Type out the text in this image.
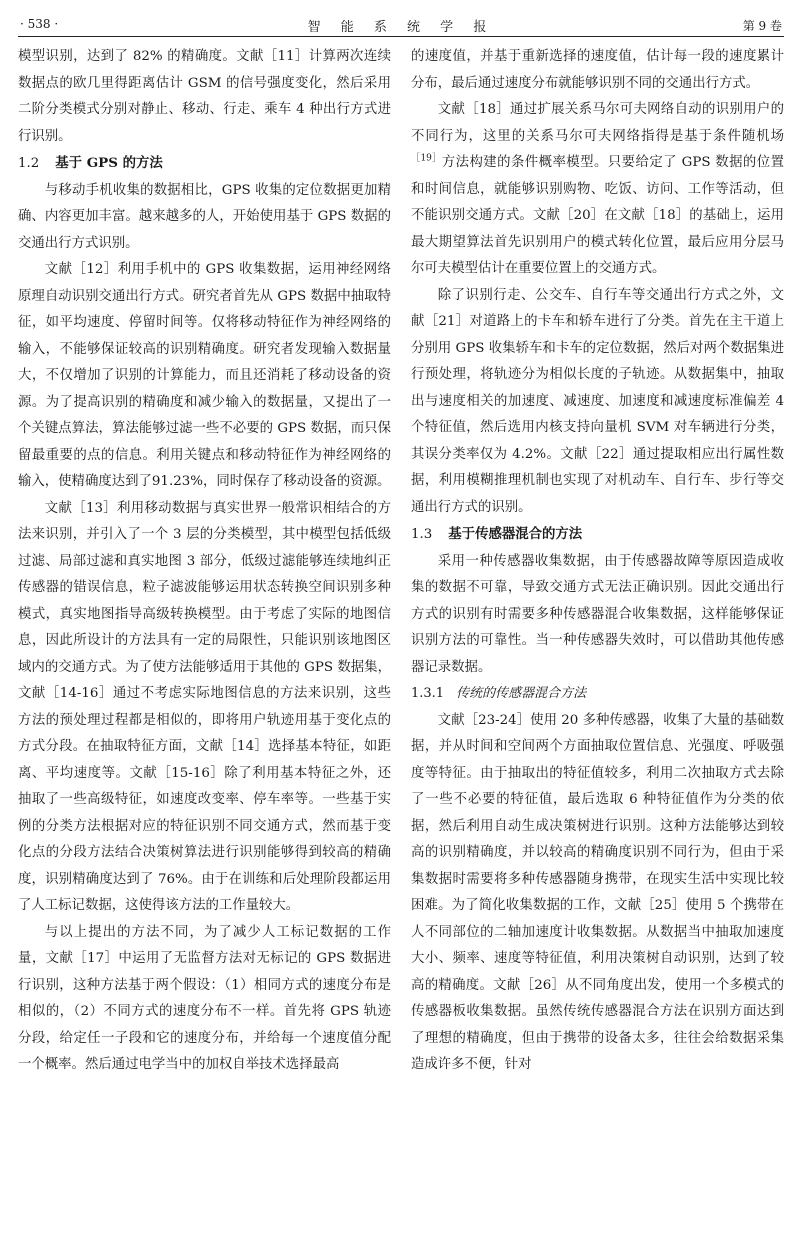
· 538 ·	智 能 系 统 学 报	第 9 卷

模型识别，达到了 82% 的精确度。文献［11］计算两次连续数据点的欧几里得距离估计 GSM 的信号强度变化，然后采用二阶分类模式分别对静止、移动、行走、乘车 4 种出行方式进行识别。

1.2 基于 GPS 的方法

与移动手机收集的数据相比，GPS 收集的定位数据更加精确、内容更加丰富。越来越多的人，开始使用基于 GPS 数据的交通出行方式识别。

文献［12］利用手机中的 GPS 收集数据，运用神经网络原理自动识别交通出行方式。研究者首先从 GPS 数据中抽取特征，如平均速度、停留时间等。仅将移动特征作为神经网络的输入，不能够保证较高的识别精确度。研究者发现输入数据量大，不仅增加了识别的计算能力，而且还消耗了移动设备的资源。为了提高识别的精确度和减少输入的数据量，又提出了一个关键点算法，算法能够过滤一些不必要的 GPS 数据，而只保留最重要的点的信息。利用关键点和移动特征作为神经网络的输入，使精确度达到了91.23%，同时保存了移动设备的资源。

文献［13］利用移动数据与真实世界一般常识相结合的方法来识别，并引入了一个 3 层的分类模型，其中模型包括低级过滤、局部过滤和真实地图 3 部分，低级过滤能够连续地纠正传感器的错误信息，粒子滤波能够运用状态转换空间识别多种模式，真实地图指导高级转换模型。由于考虑了实际的地图信息，因此所设计的方法具有一定的局限性，只能识别该地图区域内的交通方式。为了使方法能够适用于其他的 GPS 数据集，文献［14-16］通过不考虑实际地图信息的方法来识别，这些方法的预处理过程都是相似的，即将用户轨迹用基于变化点的方式分段。在抽取特征方面，文献［14］选择基本特征，如距离、平均速度等。文献［15-16］除了利用基本特征之外，还抽取了一些高级特征，如速度改变率、停车率等。一些基于实例的分类方法根据对应的特征识别不同交通方式，然而基于变化点的分段方法结合决策树算法进行识别能够得到较高的精确度，识别精确度达到了 76%。由于在训练和后处理阶段都运用了人工标记数据，这使得该方法的工作量较大。

与以上提出的方法不同，为了减少人工标记数据的工作量，文献［17］中运用了无监督方法对无标记的 GPS 数据进行识别，这种方法基于两个假设：（1）相同方式的速度分布是相似的，（2）不同方式的速度分布不一样。首先将 GPS 轨迹分段，给定任一子段和它的速度分布，并给每一个速度值分配一个概率。然后通过电学当中的加权自举技术选择最高

的速度值，并基于重新选择的速度值，估计每一段的速度累计分布，最后通过速度分布就能够识别不同的交通出行方式。

文献［18］通过扩展关系马尔可夫网络自动的识别用户的不同行为，这里的关系马尔可夫网络指得是基于条件随机场$^{[19]}$方法构建的条件概率模型。只要给定了 GPS 数据的位置和时间信息，就能够识别购物、吃饭、访问、工作等活动，但不能识别交通方式。文献［20］在文献［18］的基础上，运用最大期望算法首先识别用户的模式转化位置，最后应用分层马尔可夫模型估计在重要位置上的交通方式。

除了识别行走、公交车、自行车等交通出行方式之外，文献［21］对道路上的卡车和轿车进行了分类。首先在主干道上分别用 GPS 收集轿车和卡车的定位数据，然后对两个数据集进行预处理，将轨迹分为相似长度的子轨迹。从数据集中，抽取出与速度相关的加速度、减速度、加速度和减速度标准偏差 4 个特征值，然后选用内核支持向量机 SVM 对车辆进行分类，其误分类率仅为 4.2%。文献［22］通过提取相应出行属性数据，利用模糊推理机制也实现了对机动车、自行车、步行等交通出行方式的识别。

1.3 基于传感器混合的方法

采用一种传感器收集数据，由于传感器故障等原因造成收集的数据不可靠，导致交通方式无法正确识别。因此交通出行方式的识别有时需要多种传感器混合收集数据，这样能够保证识别方法的可靠性。当一种传感器失效时，可以借助其他传感器记录数据。

1.3.1 传统的传感器混合方法

文献［23-24］使用 20 多种传感器，收集了大量的基础数据，并从时间和空间两个方面抽取位置信息、光强度、呼吸强度等特征。由于抽取出的特征值较多，利用二次抽取方式去除了一些不必要的特征值，最后选取 6 种特征值作为分类的依据，然后利用自动生成决策树进行识别。这种方法能够达到较高的识别精确度，并以较高的精确度识别不同行为，但由于采集数据时需要将多种传感器随身携带，在现实生活中实现比较困难。为了简化收集数据的工作，文献［25］使用 5 个携带在人不同部位的二轴加速度计收集数据。从数据当中抽取加速度大小、频率、速度等特征值，利用决策树自动识别，达到了较高的精确度。文献［26］从不同角度出发，使用一个多模式的传感器板收集数据。虽然传统传感器混合方法在识别方面达到了理想的精确度，但由于携带的设备太多，往往会给数据采集造成许多不便，针对
